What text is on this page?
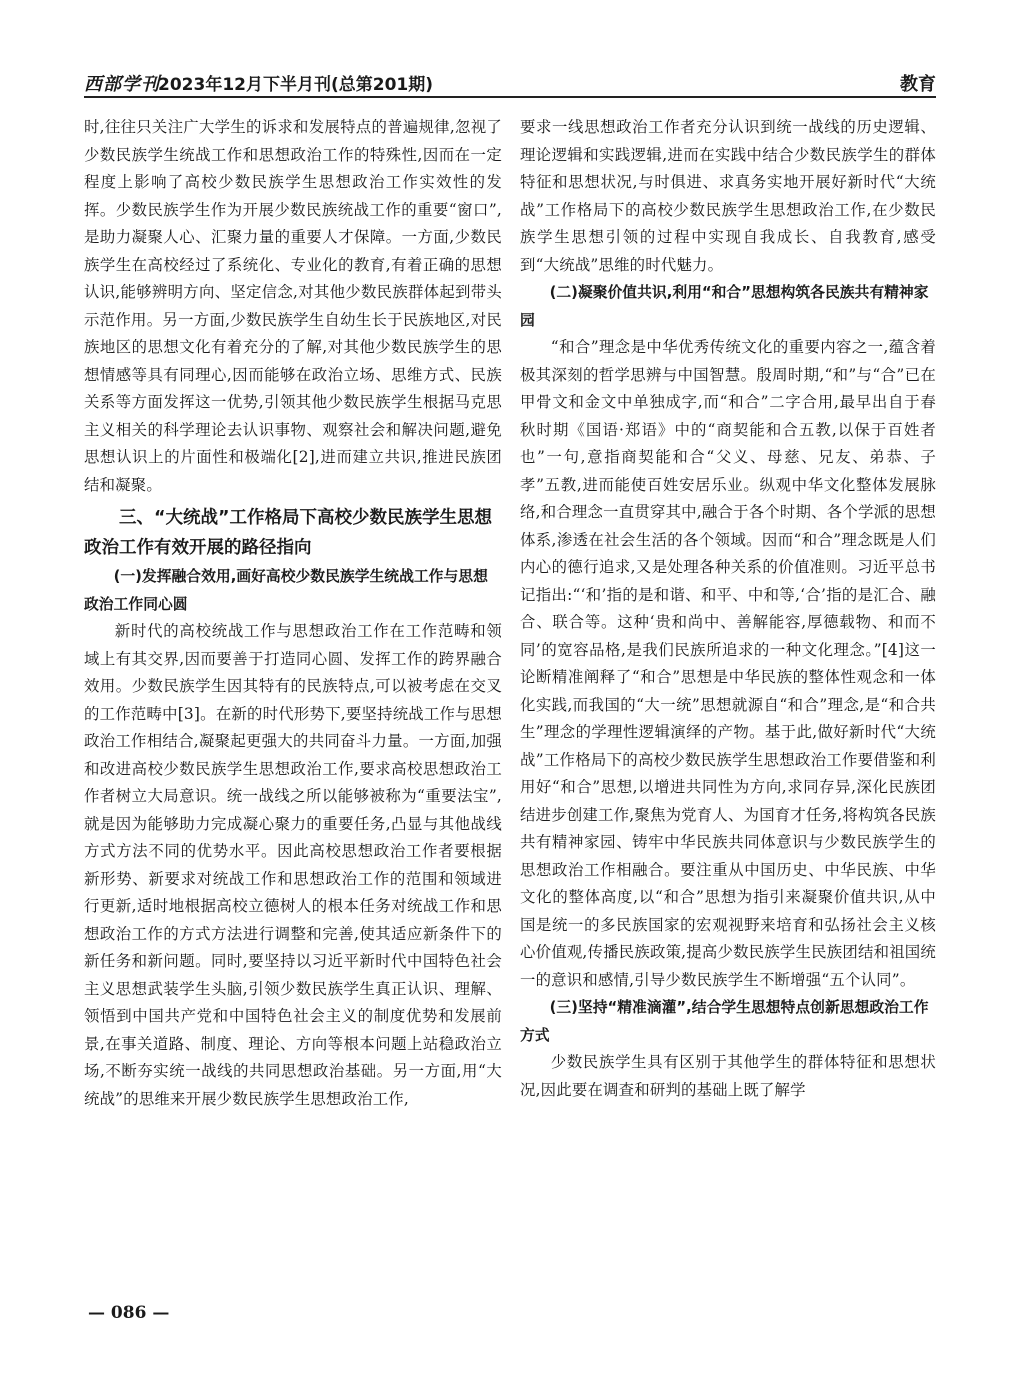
西部学刊
2023年12月下半月刊(总第201期)	教育

时,往往只关注广大学生的诉求和发展特点的普遍规律,忽视了少数民族学生统战工作和思想政治工作的特殊性,因而在一定程度上影响了高校少数民族学生思想政治工作实效性的发挥。少数民族学生作为开展少数民族统战工作的重要“窗口”,是助力凝聚人心、汇聚力量的重要人才保障。一方面,少数民族学生在高校经过了系统化、专业化的教育,有着正确的思想认识,能够辨明方向、坚定信念,对其他少数民族群体起到带头示范作用。另一方面,少数民族学生自幼生长于民族地区,对民族地区的思想文化有着充分的了解,对其他少数民族学生的思想情感等具有同理心,因而能够在政治立场、思维方式、民族关系等方面发挥这一优势,引领其他少数民族学生根据马克思主义相关的科学理论去认识事物、观察社会和解决问题,避免思想认识上的片面性和极端化[2],进而建立共识,推进民族团结和凝聚。

三、“大统战”工作格局下高校少数民族学生思想政治工作有效开展的路径指向

(一)发挥融合效用,画好高校少数民族学生统战工作与思想政治工作同心圆

新时代的高校统战工作与思想政治工作在工作范畴和领域上有其交界,因而要善于打造同心圆、发挥工作的跨界融合效用。少数民族学生因其特有的民族特点,可以被考虑在交叉的工作范畴中[3]。在新的时代形势下,要坚持统战工作与思想政治工作相结合,凝聚起更强大的共同奋斗力量。一方面,加强和改进高校少数民族学生思想政治工作,要求高校思想政治工作者树立大局意识。统一战线之所以能够被称为“重要法宝”,就是因为能够助力完成凝心聚力的重要任务,凸显与其他战线方式方法不同的优势水平。因此高校思想政治工作者要根据新形势、新要求对统战工作和思想政治工作的范围和领域进行更新,适时地根据高校立德树人的根本任务对统战工作和思想政治工作的方式方法进行调整和完善,使其适应新条件下的新任务和新问题。同时,要坚持以习近平新时代中国特色社会主义思想武装学生头脑,引领少数民族学生真正认识、理解、领悟到中国共产党和中国特色社会主义的制度优势和发展前景,在事关道路、制度、理论、方向等根本问题上站稳政治立场,不断夯实统一战线的共同思想政治基础。另一方面,用“大统战”的思维来开展少数民族学生思想政治工作,

要求一线思想政治工作者充分认识到统一战线的历史逻辑、理论逻辑和实践逻辑,进而在实践中结合少数民族学生的群体特征和思想状况,与时俱进、求真务实地开展好新时代“大统战”工作格局下的高校少数民族学生思想政治工作,在少数民族学生思想引领的过程中实现自我成长、自我教育,感受到“大统战”思维的时代魅力。

(二)凝聚价值共识,利用“和合”思想构筑各民族共有精神家园

“和合”理念是中华优秀传统文化的重要内容之一,蕴含着极其深刻的哲学思辨与中国智慧。殷周时期,“和”与“合”已在甲骨文和金文中单独成字,而“和合”二字合用,最早出自于春秋时期《国语·郑语》中的“商契能和合五教,以保于百姓者也”一句,意指商契能和合“父义、母慈、兄友、弟恭、子孝”五教,进而能使百姓安居乐业。纵观中华文化整体发展脉络,和合理念一直贯穿其中,融合于各个时期、各个学派的思想体系,渗透在社会生活的各个领域。因而“和合”理念既是人们内心的德行追求,又是处理各种关系的价值准则。习近平总书记指出:“‘和’指的是和谐、和平、中和等,‘合’指的是汇合、融合、联合等。这种‘贵和尚中、善解能容,厚德载物、和而不同’的宽容品格,是我们民族所追求的一种文化理念。”[4]这一论断精准阐释了“和合”思想是中华民族的整体性观念和一体化实践,而我国的“大一统”思想就源自“和合”理念,是“和合共生”理念的学理性逻辑演绎的产物。基于此,做好新时代“大统战”工作格局下的高校少数民族学生思想政治工作要借鉴和利用好“和合”思想,以增进共同性为方向,求同存异,深化民族团结进步创建工作,聚焦为党育人、为国育才任务,将构筑各民族共有精神家园、铸牢中华民族共同体意识与少数民族学生的思想政治工作相融合。要注重从中国历史、中华民族、中华文化的整体高度,以“和合”思想为指引来凝聚价值共识,从中国是统一的多民族国家的宏观视野来培育和弘扬社会主义核心价值观,传播民族政策,提高少数民族学生民族团结和祖国统一的意识和感情,引导少数民族学生不断增强“五个认同”。

(三)坚持“精准滴灌”,结合学生思想特点创新思想政治工作方式

少数民族学生具有区别于其他学生的群体特征和思想状况,因此要在调查和研判的基础上既了解学

— 086 —
